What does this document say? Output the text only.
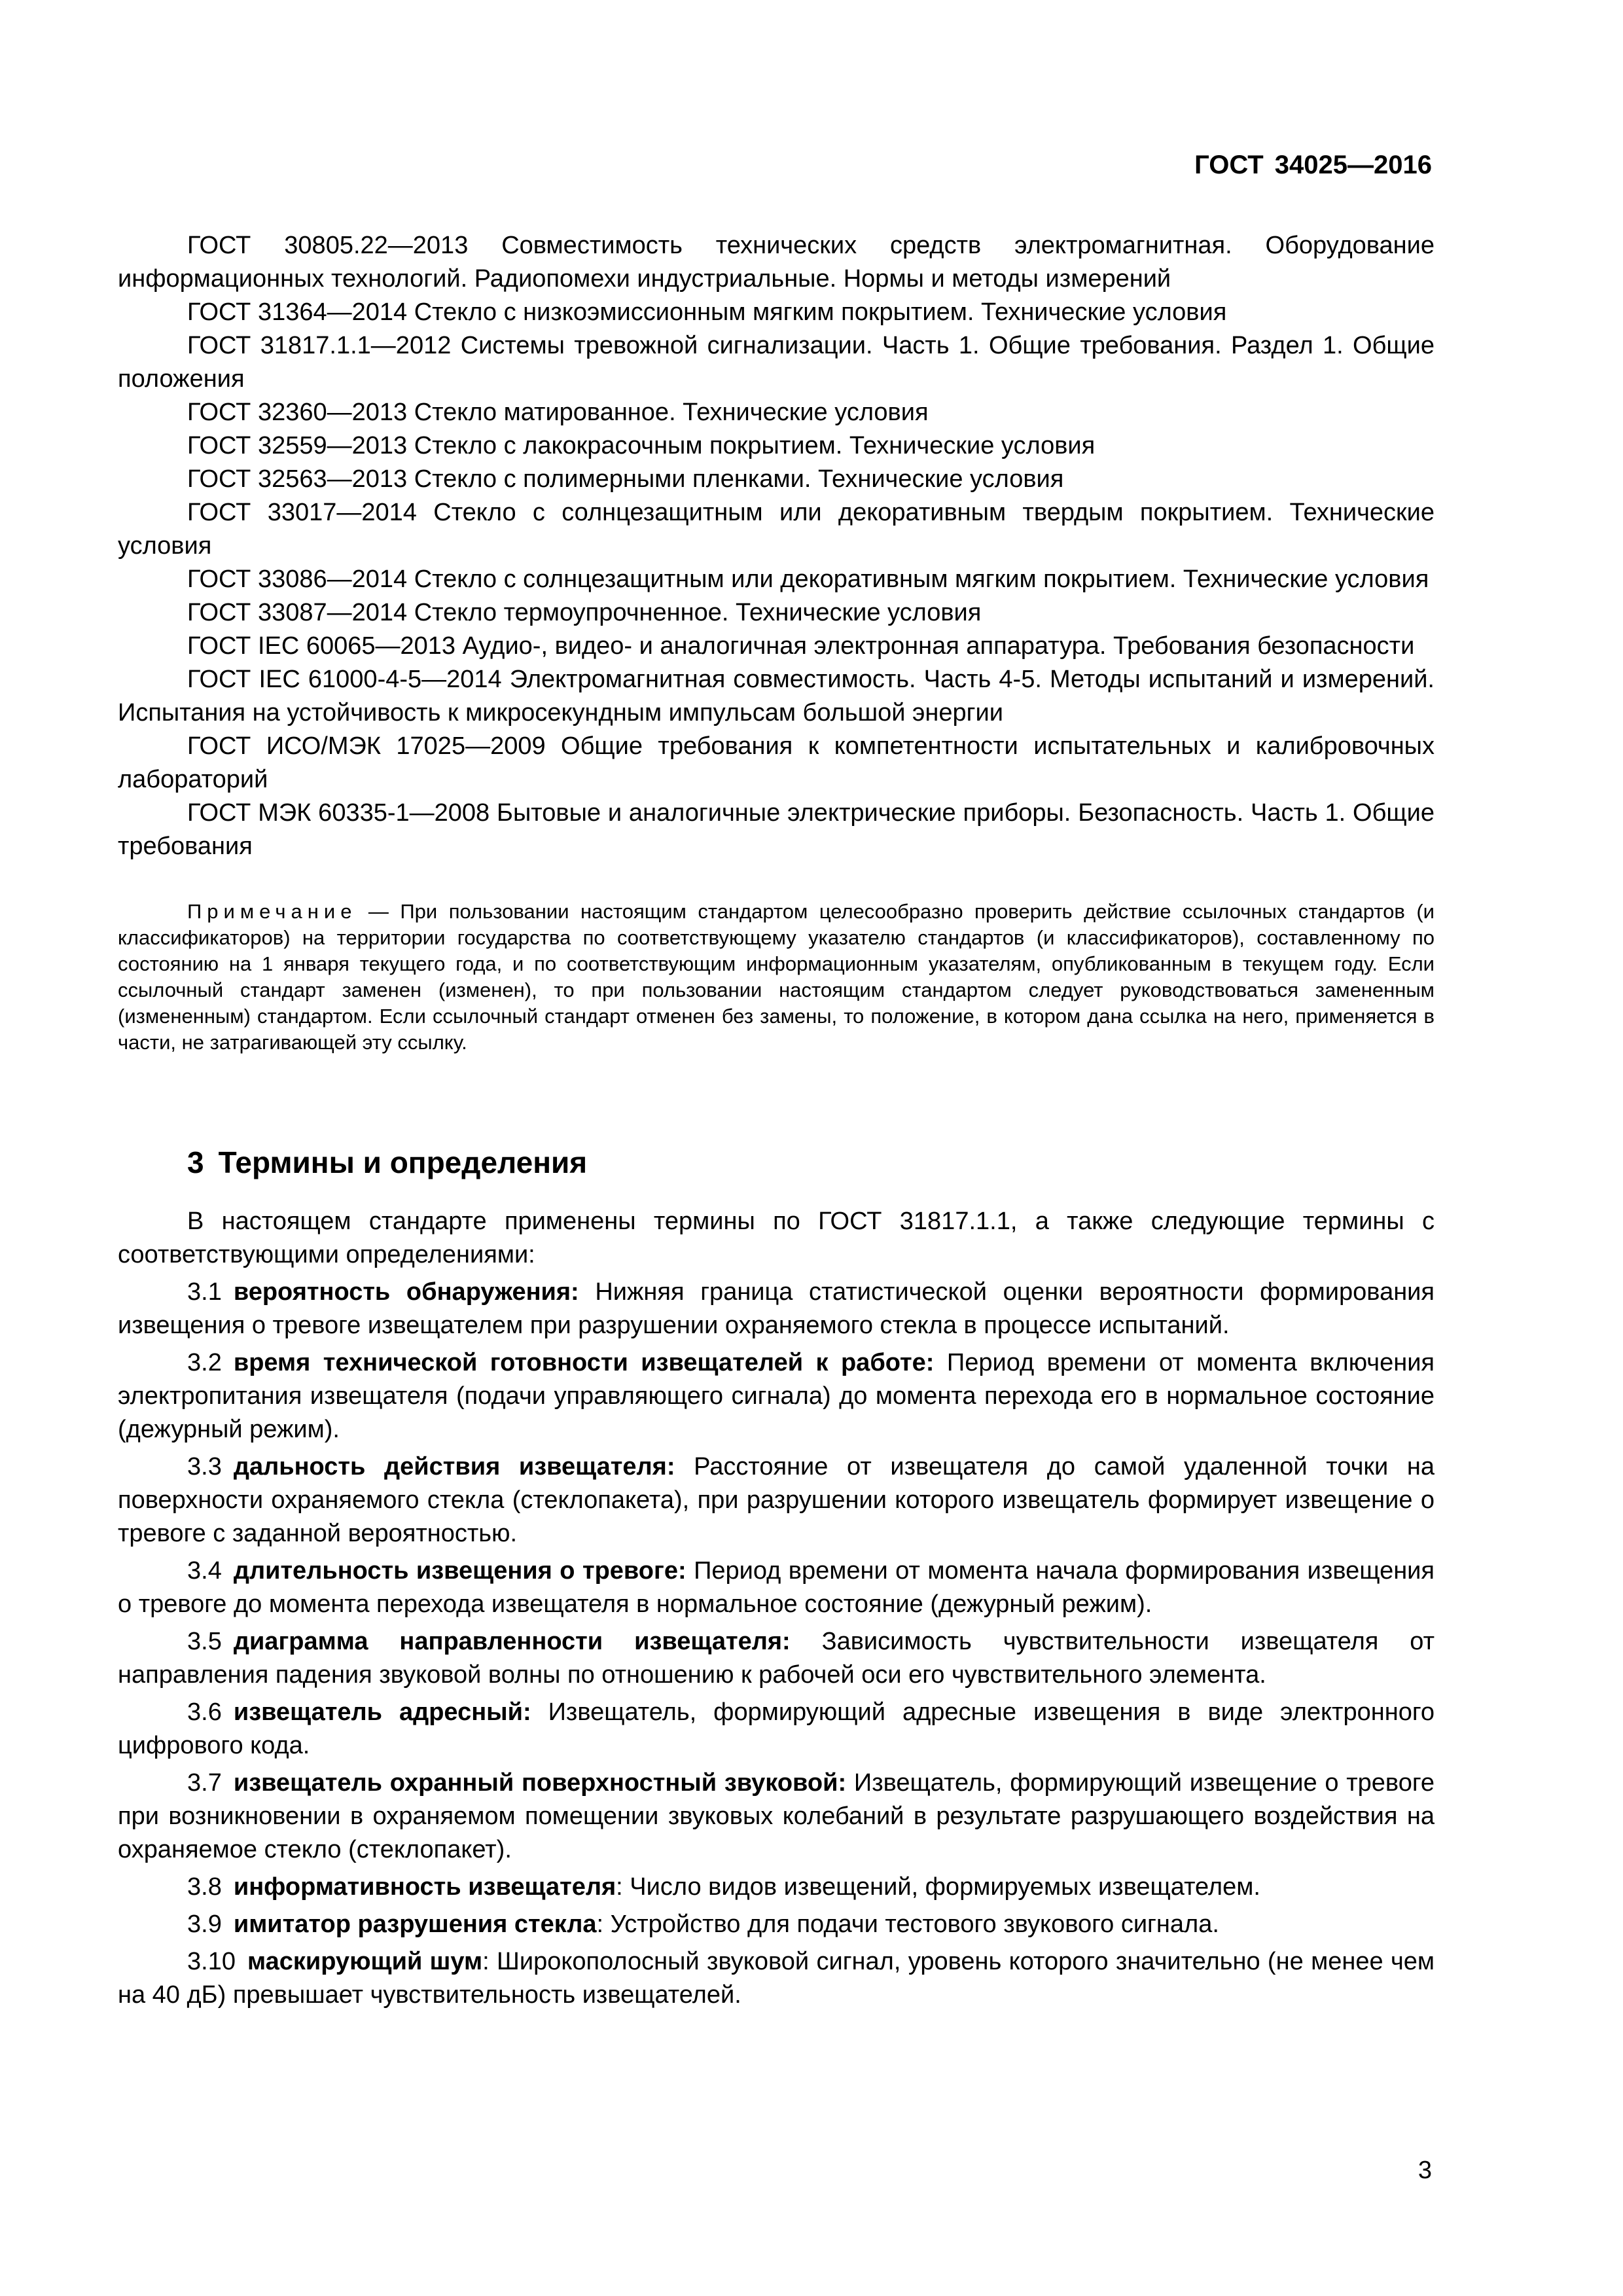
ГОСТ 34025—2016

ГОСТ 30805.22—2013 Совместимость технических средств электромагнитная. Оборудование информационных технологий. Радиопомехи индустриальные. Нормы и методы измерений

ГОСТ 31364—2014 Стекло с низкоэмиссионным мягким покрытием. Технические условия

ГОСТ 31817.1.1—2012 Системы тревожной сигнализации. Часть 1. Общие требования. Раздел 1. Общие положения

ГОСТ 32360—2013 Стекло матированное. Технические условия

ГОСТ 32559—2013 Стекло с лакокрасочным покрытием. Технические условия

ГОСТ 32563—2013 Стекло с полимерными пленками. Технические условия

ГОСТ 33017—2014 Стекло с солнцезащитным или декоративным твердым покрытием. Технические условия

ГОСТ 33086—2014 Стекло с солнцезащитным или декоративным мягким покрытием. Технические условия

ГОСТ 33087—2014 Стекло термоупрочненное. Технические условия

ГОСТ IEC 60065—2013 Аудио-, видео- и аналогичная электронная аппаратура. Требования безопасности

ГОСТ IEC 61000-4-5—2014 Электромагнитная совместимость. Часть 4-5. Методы испытаний и измерений. Испытания на устойчивость к микросекундным импульсам большой энергии

ГОСТ ИСО/МЭК 17025—2009 Общие требования к компетентности испытательных и калибровочных лабораторий

ГОСТ МЭК 60335-1—2008 Бытовые и аналогичные электрические приборы. Безопасность. Часть 1. Общие требования

Примечание — При пользовании настоящим стандартом целесообразно проверить действие ссылочных стандартов (и классификаторов) на территории государства по соответствующему указателю стандартов (и классификаторов), составленному по состоянию на 1 января текущего года, и по соответствующим информационным указателям, опубликованным в текущем году. Если ссылочный стандарт заменен (изменен), то при пользовании настоящим стандартом следует руководствоваться замененным (измененным) стандартом. Если ссылочный стандарт отменен без замены, то положение, в котором дана ссылка на него, применяется в части, не затрагивающей эту ссылку.

3 Термины и определения

В настоящем стандарте применены термины по ГОСТ 31817.1.1, а также следующие термины с соответствующими определениями:

3.1 вероятность обнаружения: Нижняя граница статистической оценки вероятности формирования извещения о тревоге извещателем при разрушении охраняемого стекла в процессе испытаний.

3.2 время технической готовности извещателей к работе: Период времени от момента включения электропитания извещателя (подачи управляющего сигнала) до момента перехода его в нормальное состояние (дежурный режим).

3.3 дальность действия извещателя: Расстояние от извещателя до самой удаленной точки на поверхности охраняемого стекла (стеклопакета), при разрушении которого извещатель формирует извещение о тревоге с заданной вероятностью.

3.4 длительность извещения о тревоге: Период времени от момента начала формирования извещения о тревоге до момента перехода извещателя в нормальное состояние (дежурный режим).

3.5 диаграмма направленности извещателя: Зависимость чувствительности извещателя от направления падения звуковой волны по отношению к рабочей оси его чувствительного элемента.

3.6 извещатель адресный: Извещатель, формирующий адресные извещения в виде электронного цифрового кода.

3.7 извещатель охранный поверхностный звуковой: Извещатель, формирующий извещение о тревоге при возникновении в охраняемом помещении звуковых колебаний в результате разрушающего воздействия на охраняемое стекло (стеклопакет).

3.8 информативность извещателя: Число видов извещений, формируемых извещателем.

3.9 имитатор разрушения стекла: Устройство для подачи тестового звукового сигнала.

3.10 маскирующий шум: Широкополосный звуковой сигнал, уровень которого значительно (не менее чем на 40 дБ) превышает чувствительность извещателей.

3
